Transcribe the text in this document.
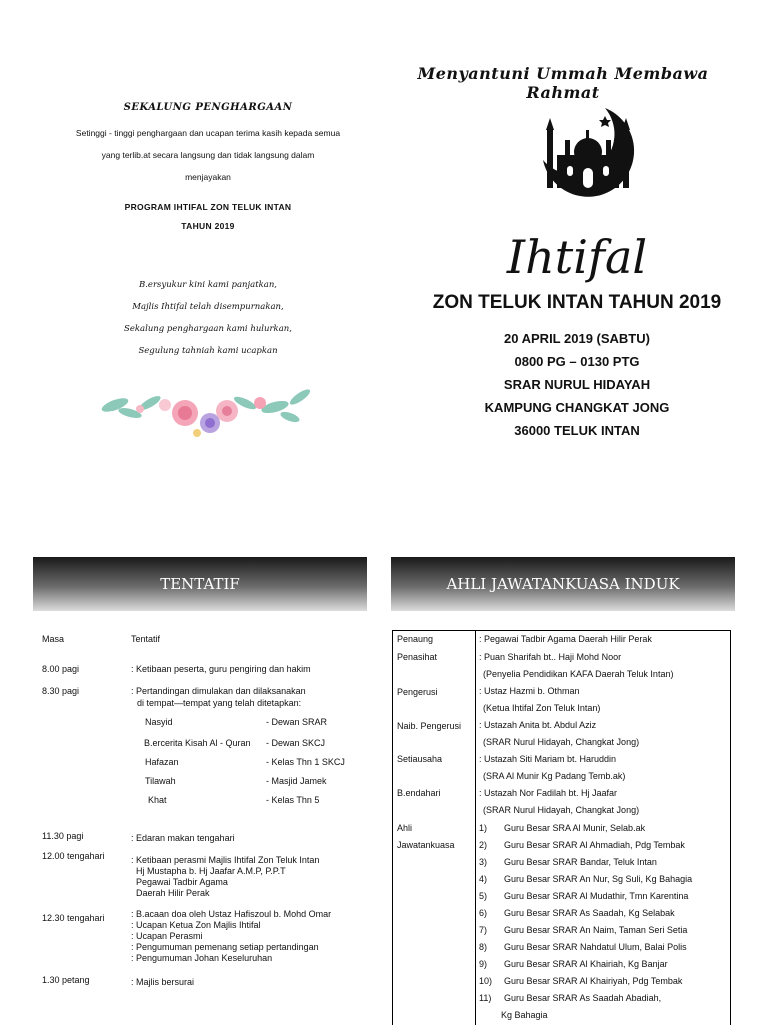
SEKALUNG PENGHARGAAN
Setinggi - tinggi penghargaan dan ucapan terima kasih kepada semua
yang terlib.at secara langsung dan tidak langsung dalam
menjayakan
PROGRAM IHTIFAL ZON TELUK INTAN
TAHUN 2019
B.ersyukur kini kami panjatkan,
Majlis Ihtifal telah disempurnakan,
Sekalung penghargaan kami hulurkan,
Segulung tahniah kami ucapkan
Menyantuni Ummah Membawa Rahmat
Ihtifal
ZON TELUK INTAN TAHUN 2019
20 APRIL 2019 (SABTU)
0800 PG – 0130 PTG
SRAR NURUL HIDAYAH
KAMPUNG CHANGKAT JONG
36000 TELUK INTAN
TENTATIF	AHLI JAWATANKUASA INDUK
Masa	Tentatif
8.00 pagi	: Ketibaan peserta, guru pengiring dan hakim
8.30 pagi	: Pertandingan dimulakan dan dilaksanakan
di tempat—tempat yang telah ditetapkan:
Nasyid	- Dewan SRAR
B.ercerita Kisah Al - Quran - Dewan SKCJ
Hafazan	- Kelas Thn 1 SKCJ
Tilawah	- Masjid Jamek
Khat	- Kelas Thn 5
11.30 pagi	: Edaran makan tengahari
12.00 tengahari	: Ketibaan perasmi Majlis Ihtifal Zon Teluk Intan
Hj Mustapha b. Hj Jaafar A.M.P, P.P.T
Pegawai Tadbir Agama
Daerah Hilir Perak
12.30 tengahari	: B.acaan doa oleh Ustaz Hafiszoul b. Mohd Omar
: Ucapan Ketua Zon Majlis Ihtifal
: Ucapan Perasmi
: Pengumuman pemenang setiap pertandingan
: Pengumuman Johan Keseluruhan
1.30 petang	: Majlis bersurai
Penaung	: Pegawai Tadbir Agama Daerah Hilir Perak
Penasihat	: Puan Sharifah bt.. Haji Mohd Noor
(Penyelia Pendidikan KAFA Daerah Teluk Intan)
Pengerusi	: Ustaz Hazmi b. Othman
(Ketua Ihtifal Zon Teluk Intan)
Naib. Pengerusi : Ustazah Anita bt. Abdul Aziz
(SRAR Nurul Hidayah, Changkat Jong)
Setiausaha	: Ustazah Siti Mariam bt. Haruddin
(SRA Al Munir Kg Padang Temb.ak)
B.endahari	: Ustazah Nor Fadilah bt. Hj Jaafar
(SRAR Nurul Hidayah, Changkat Jong)
Ahli
Jawatankuasa
1) Guru Besar SRA Al Munir, Selab.ak
2) Guru Besar SRAR Al Ahmadiah, Pdg Tembak
3) Guru Besar SRAR Bandar, Teluk Intan
4) Guru Besar SRAR An Nur, Sg Suli, Kg Bahagia
5) Guru Besar SRAR Al Mudathir, Tmn Karentina
6) Guru Besar SRAR As Saadah, Kg Selabak
7) Guru Besar SRAR An Naim, Taman Seri Setia
8) Guru Besar SRAR Nahdatul Ulum, Balai Polis
9) Guru Besar SRAR Al Khairiah, Kg Banjar
10) Guru Besar SRAR Al Khairiyah, Pdg Tembak
11) Guru Besar SRAR As Saadah Abadiah,
Kg Bahagia
